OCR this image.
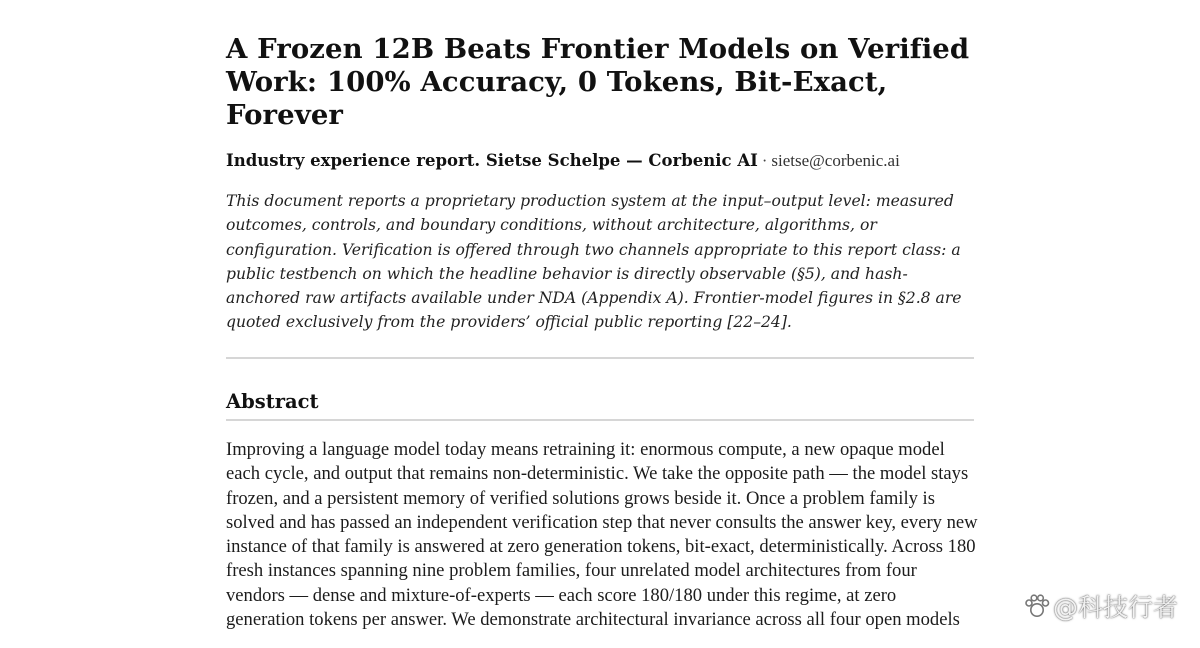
A Frozen 12B Beats Frontier Models on Verified Work: 100% Accuracy, 0 Tokens, Bit-Exact, Forever
Industry experience report. Sietse Schelpe — Corbenic AI · sietse@corbenic.ai

This document reports a proprietary production system at the input–output level: measured outcomes, controls, and boundary conditions, without architecture, algorithms, or configuration. Verification is offered through two channels appropriate to this report class: a public testbench on which the headline behavior is directly observable (§5), and hash-anchored raw artifacts available under NDA (Appendix A). Frontier-model figures in §2.8 are quoted exclusively from the providers’ official public reporting [22–24].

Abstract

Improving a language model today means retraining it: enormous compute, a new opaque model each cycle, and output that remains non-deterministic. We take the opposite path — the model stays frozen, and a persistent memory of verified solutions grows beside it. Once a problem family is solved and has passed an independent verification step that never consults the answer key, every new instance of that family is answered at zero generation tokens, bit-exact, deterministically. Across 180 fresh instances spanning nine problem families, four unrelated model architectures from four vendors — dense and mixture-of-experts — each score 180/180 under this regime, at zero generation tokens per answer. We demonstrate architectural invariance across all four open models	@科技行者
